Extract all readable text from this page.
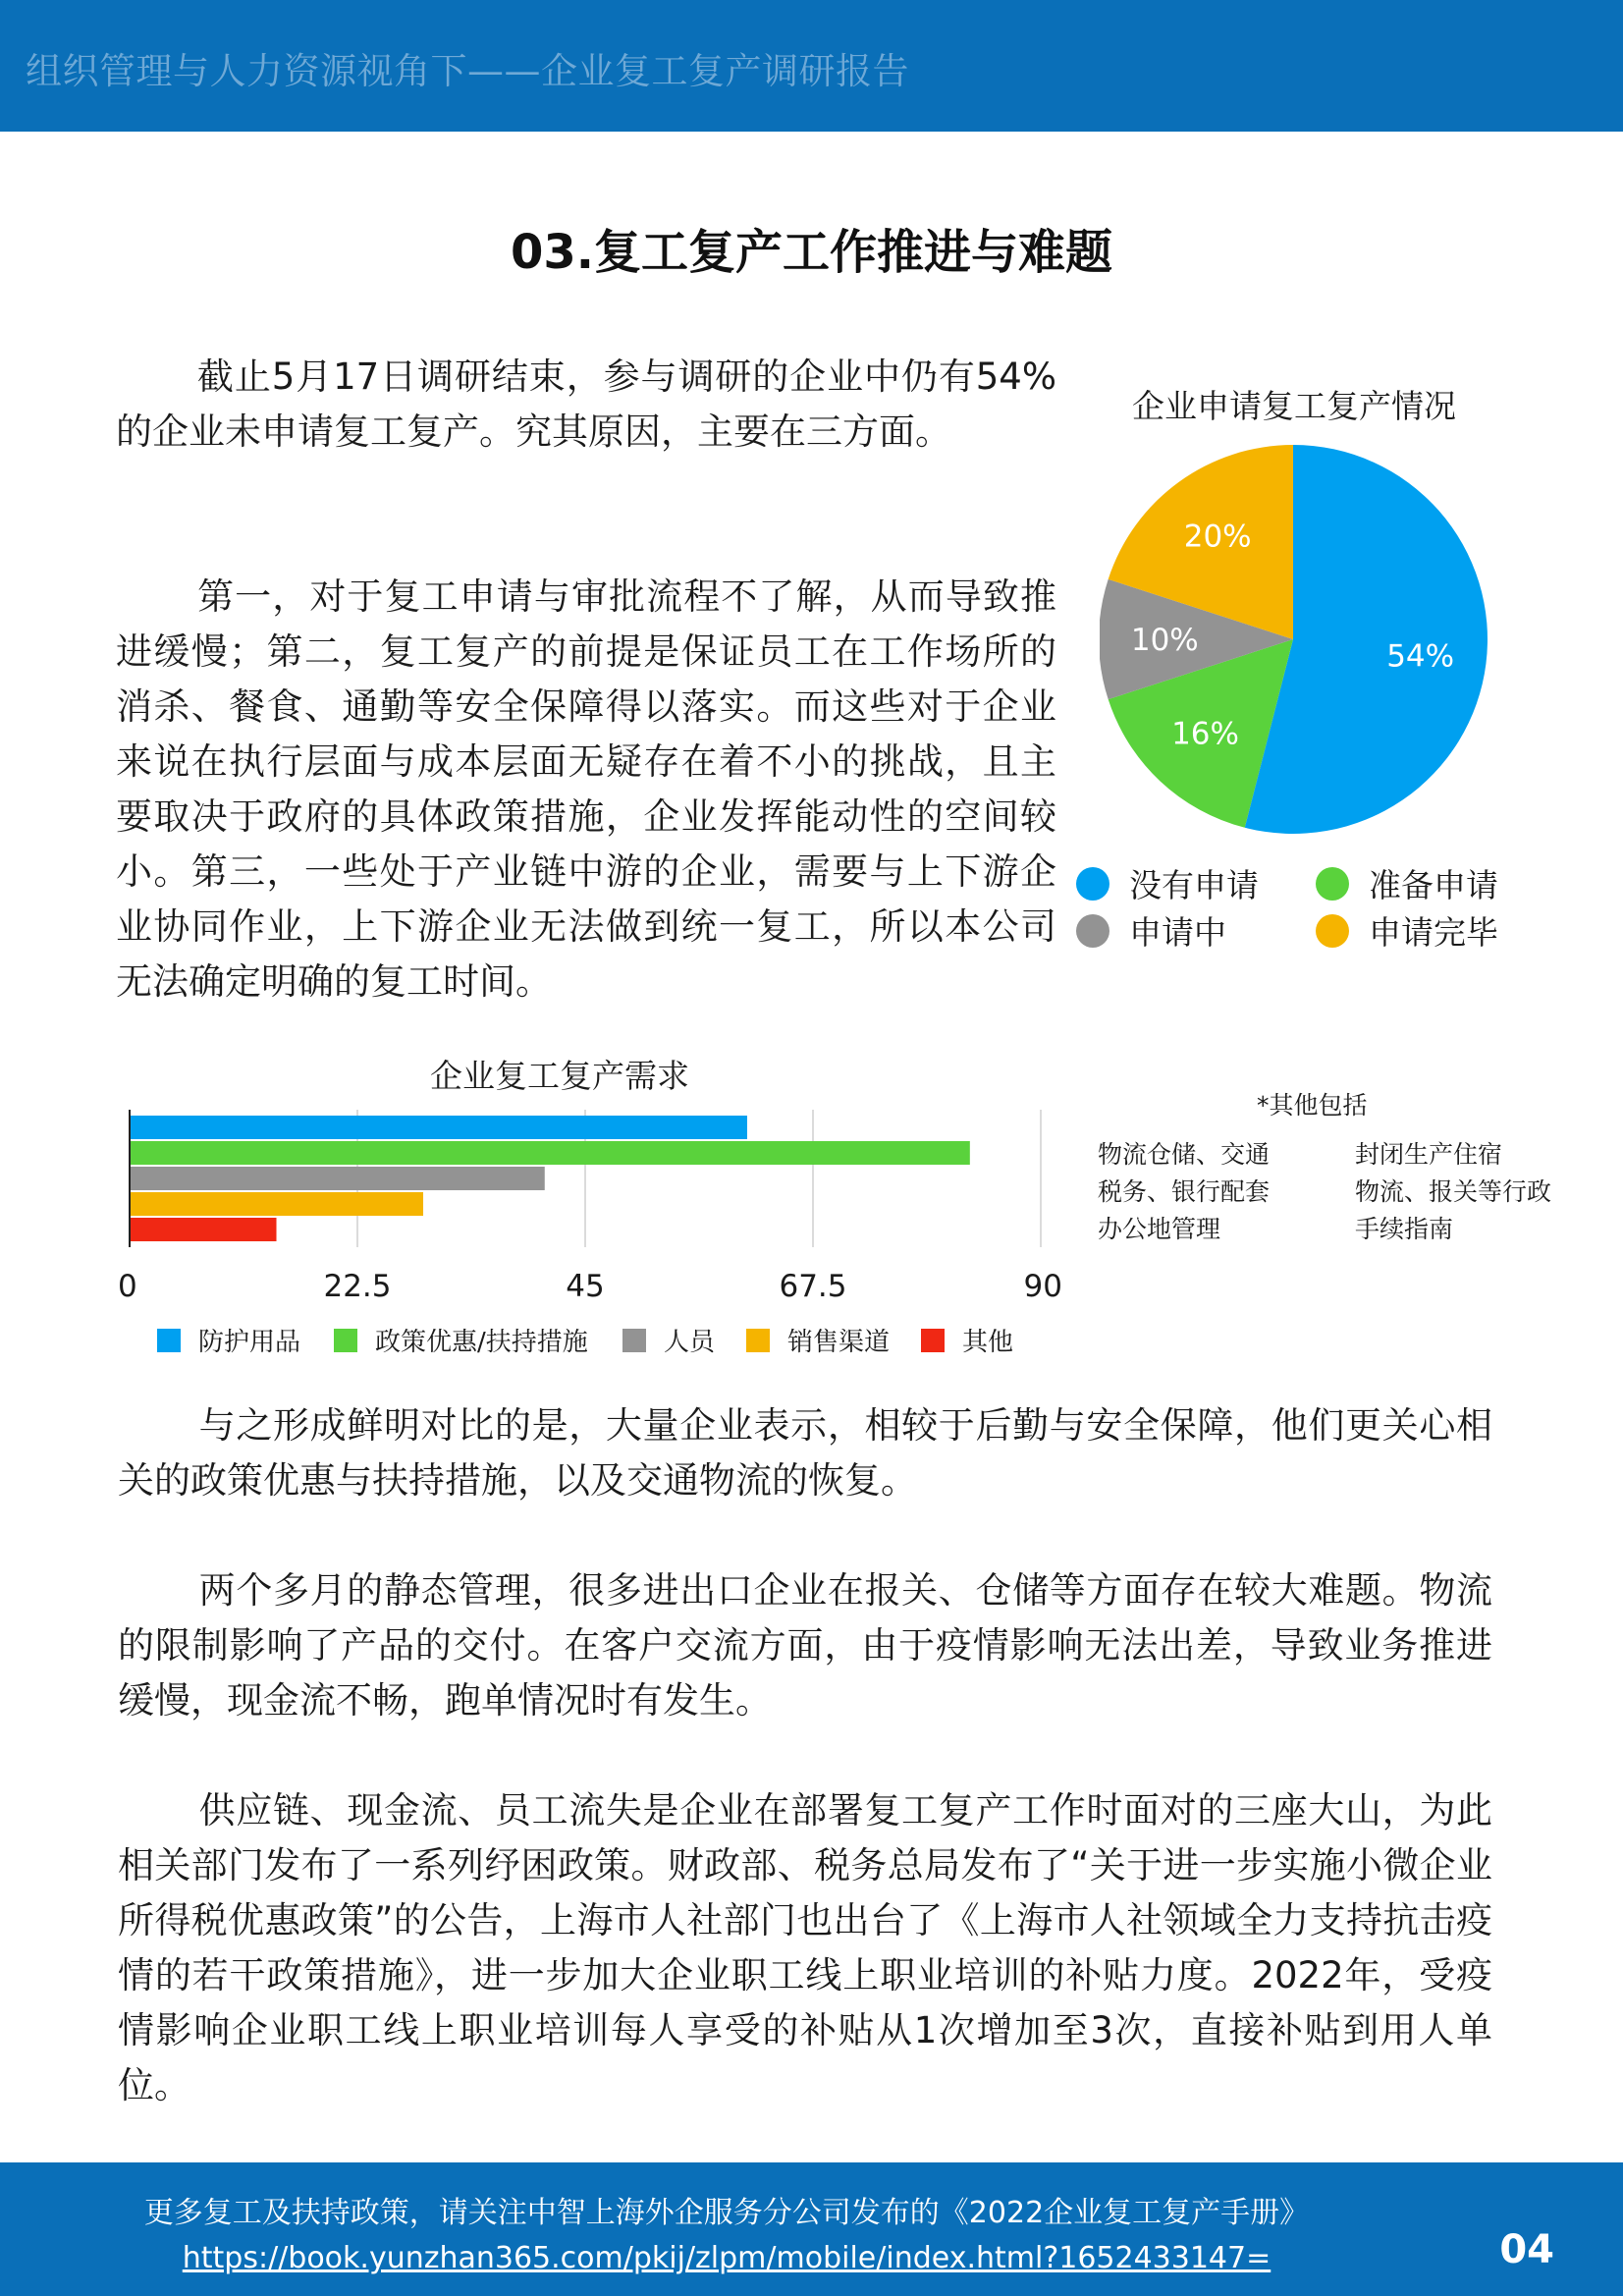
组织管理与人力资源视角下——企业复工复产调研报告
03.复工复产工作推进与难题

截止5月17日调研结束，参与调研的企业中仍有54%的企业未申请复工复产。究其原因，主要在三方面。

第一，对于复工申请与审批流程不了解，从而导致推进缓慢；第二，复工复产的前提是保证员工在工作场所的消杀、餐食、通勤等安全保障得以落实。而这些对于企业来说在执行层面与成本层面无疑存在着不小的挑战，且主要取决于政府的具体政策措施，企业发挥能动性的空间较小。第三，一些处于产业链中游的企业，需要与上下游企业协同作业，上下游企业无法做到统一复工，所以本公司无法确定明确的复工时间。

企业申请复工复产情况
54%
16%
10%
20%
没有申请	准备申请
申请中	申请完毕
企业复工复产需求
0	22.5	45	67.5	90
防护用品	政策优惠/扶持措施	人员	销售渠道	其他
*其他包括
物流仓储、交通	封闭生产住宿
税务、银行配套	物流、报关等行政
办公地管理	手续指南

与之形成鲜明对比的是，大量企业表示，相较于后勤与安全保障，他们更关心相关的政策优惠与扶持措施，以及交通物流的恢复。

两个多月的静态管理，很多进出口企业在报关、仓储等方面存在较大难题。物流的限制影响了产品的交付。在客户交流方面，由于疫情影响无法出差，导致业务推进缓慢，现金流不畅，跑单情况时有发生。

供应链、现金流、员工流失是企业在部署复工复产工作时面对的三座大山，为此相关部门发布了一系列纾困政策。财政部、税务总局发布了“关于进一步实施小微企业所得税优惠政策”的公告，上海市人社部门也出台了《上海市人社领域全力支持抗击疫情的若干政策措施》，进一步加大企业职工线上职业培训的补贴力度。2022年，受疫情影响企业职工线上职业培训每人享受的补贴从1次增加至3次，直接补贴到用人单位。

更多复工及扶持政策，请关注中智上海外企服务分公司发布的《2022企业复工复产手册》
https://book.yunzhan365.com/pkij/zlpm/mobile/index.html?1652433147=	04
